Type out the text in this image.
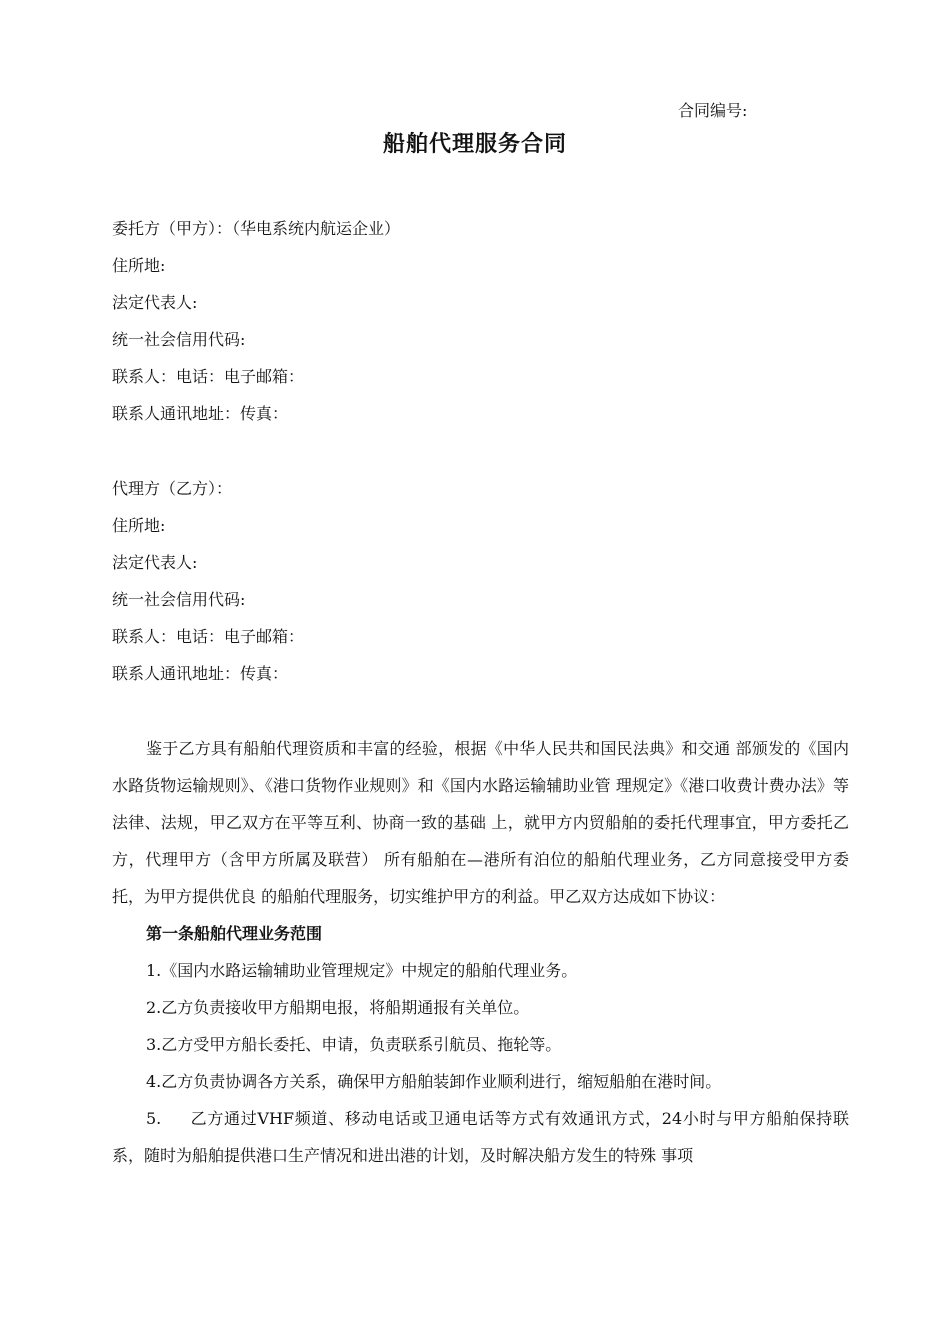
合同编号:
船舶代理服务合同
委托方（甲方）：（华电系统内航运企业）
住所地:
法定代表人:
统一社会信用代码:
联系人：电话：电子邮箱：
联系人通讯地址：传真：
代理方（乙方）：
住所地:
法定代表人:
统一社会信用代码:
联系人：电话：电子邮箱：
联系人通讯地址：传真：

鉴于乙方具有船舶代理资质和丰富的经验，根据《中华人民共和国民法典》和交通 部颁发的《国内水路货物运输规则》、《港口货物作业规则》和《国内水路运输辅助业管 理规定》《港口收费计费办法》等法律、法规，甲乙双方在平等互利、协商一致的基础 上，就甲方内贸船舶的委托代理事宜，甲方委托乙方，代理甲方（含甲方所属及联营） 所有船舶在—港所有泊位的船舶代理业务，乙方同意接受甲方委托，为甲方提供优良 的船舶代理服务，切实维护甲方的利益。甲乙双方达成如下协议：

第一条船舶代理业务范围

1.《国内水路运输辅助业管理规定》中规定的船舶代理业务。

2.乙方负责接收甲方船期电报，将船期通报有关单位。

3.乙方受甲方船长委托、申请，负责联系引航员、拖轮等。

4.乙方负责协调各方关系，确保甲方船舶装卸作业顺利进行，缩短船舶在港时间。

5. 乙方通过VHF频道、移动电话或卫通电话等方式有效通讯方式，24小时与甲方船舶保持联系，随时为船舶提供港口生产情况和进出港的计划，及时解决船方发生的特殊 事项
